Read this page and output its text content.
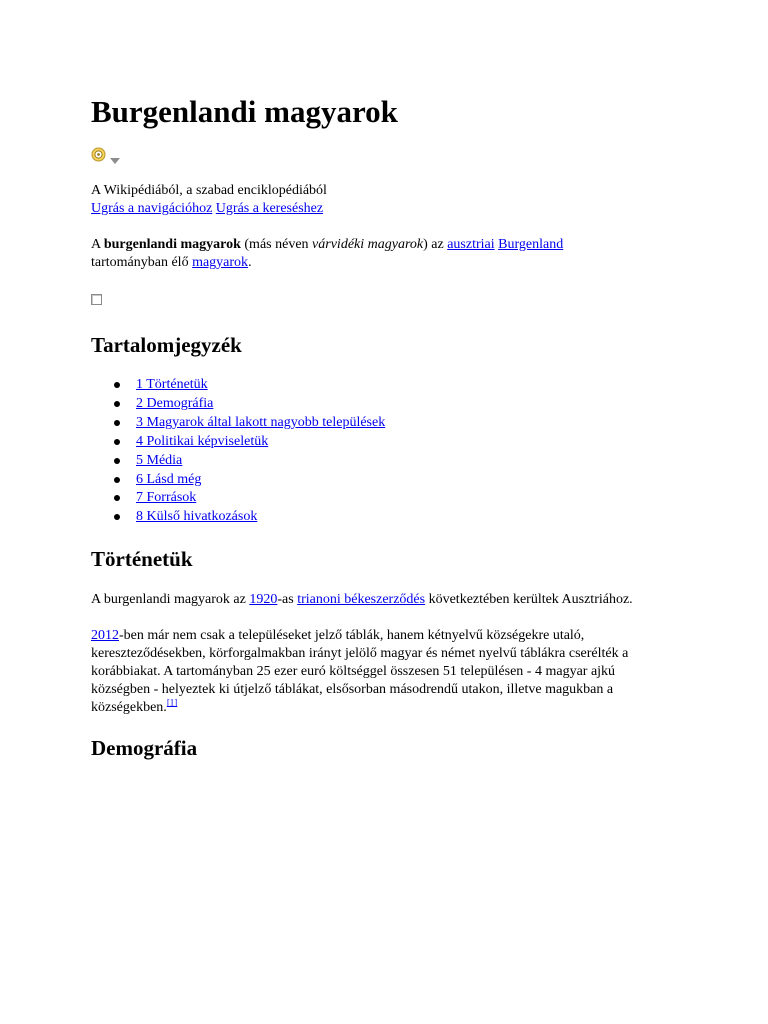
Burgenlandi magyarok

A Wikipédiából, a szabad enciklopédiából

Ugrás a navigációhoz Ugrás a kereséshez

A burgenlandi magyarok (más néven várvidéki magyarok) az ausztriai Burgenland
tartományban élő magyarok.

Tartalomjegyzék
1 Történetük
2 Demográfia
3 Magyarok által lakott nagyobb települések
4 Politikai képviseletük
5 Média
6 Lásd még
7 Források
8 Külső hivatkozások
Történetük

A burgenlandi magyarok az 1920-as trianoni békeszerződés következtében kerültek Ausztriához.

2012-ben már nem csak a településeket jelző táblák, hanem kétnyelvű községekre utaló,
kereszteződésekben, körforgalmakban irányt jelölő magyar és német nyelvű táblákra cserélték a
korábbiakat. A tartományban 25 ezer euró költséggel összesen 51 településen - 4 magyar ajkú
községben - helyeztek ki útjelző táblákat, elsősorban másodrendű utakon, illetve magukban a
községekben.[1]

Demográfia
